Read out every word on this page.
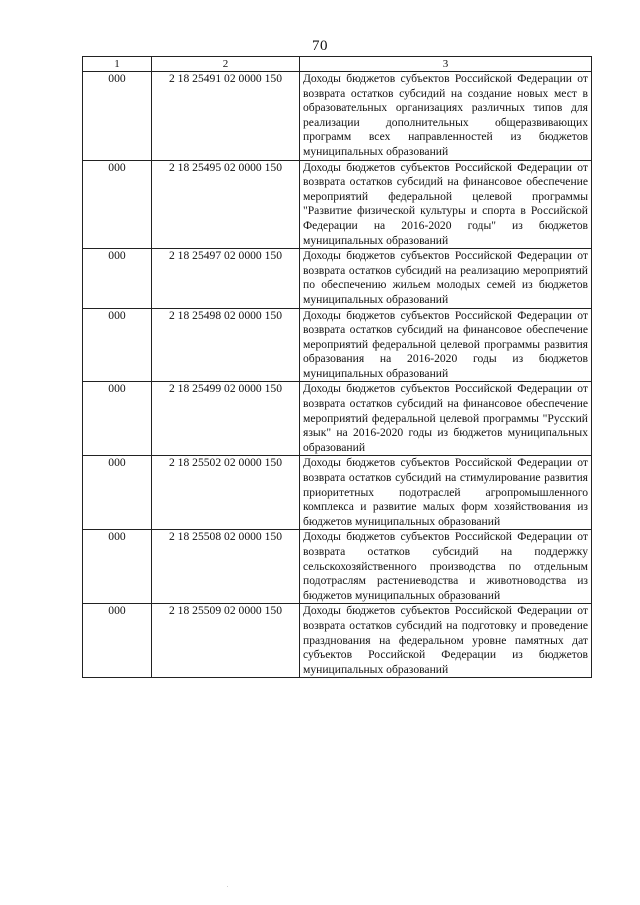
70
1	2	3
000	2 18 25491 02 0000 150	Доходы бюджетов субъектов Российской Федерации от возврата остатков субсидий на создание новых мест в образовательных организациях различных типов для реализации дополнительных общеразвивающих программ всех направленностей из бюджетов муниципальных образований
000	2 18 25495 02 0000 150	Доходы бюджетов субъектов Российской Федерации от возврата остатков субсидий на финансовое обеспечение мероприятий федеральной целевой программы "Развитие физической культуры и спорта в Российской Федерации на 2016-2020 годы" из бюджетов муниципальных образований
000	2 18 25497 02 0000 150	Доходы бюджетов субъектов Российской Федерации от возврата остатков субсидий на реализацию мероприятий по обеспечению жильем молодых семей из бюджетов муниципальных образований
000	2 18 25498 02 0000 150	Доходы бюджетов субъектов Российской Федерации от возврата остатков субсидий на финансовое обеспечение мероприятий федеральной целевой программы развития образования на 2016-2020 годы из бюджетов муниципальных образований
000	2 18 25499 02 0000 150	Доходы бюджетов субъектов Российской Федерации от возврата остатков субсидий на финансовое обеспечение мероприятий федеральной целевой программы "Русский язык" на 2016-2020 годы из бюджетов муниципальных образований
000	2 18 25502 02 0000 150	Доходы бюджетов субъектов Российской Федерации от возврата остатков субсидий на стимулирование развития приоритетных подотраслей агропромышленного комплекса и развитие малых форм хозяйствования из бюджетов муниципальных образований
000	2 18 25508 02 0000 150	Доходы бюджетов субъектов Российской Федерации от возврата остатков субсидий на поддержку сельскохозяйственного производства по отдельным подотраслям растениеводства и животноводства из бюджетов муниципальных образований
000	2 18 25509 02 0000 150	Доходы бюджетов субъектов Российской Федерации от возврата остатков субсидий на подготовку и проведение празднования на федеральном уровне памятных дат субъектов Российской Федерации из бюджетов муниципальных образований
